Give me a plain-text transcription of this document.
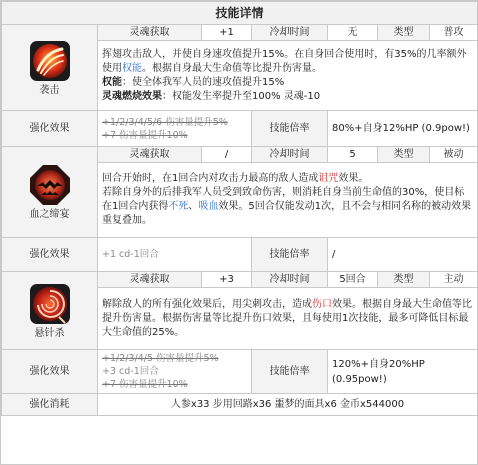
技能详情						

袭击	灵魂获取	+1	冷却时间	无	类型	普攻

	挥翅攻击敌人，并使自身速攻值提升15%。在自身回合使用时，有35%的几率额外使用权能。根据自身最大生命值等比提升伤害量。

权能：使全体我军人员的速攻值提升15%

灵魂燃烧效果：权能发生率提升至100% 灵魂-10					

强化效果	+1/2/3/4/5/6 伤害量提升5%
+7 伤害量提升10%		技能倍率	80%+自身12%HP (0.9pow!)		

血之缔宴	灵魂获取	/	冷却时间	5	类型	被动

	回合开始时，在1回合内对攻击力最高的敌人造成诅咒效果。

若除自身外的后排我军人员受到致命伤害，则消耗自身当前生命值的30%，使目标在1回合内获得不死、吸血效果。5回合仅能发动1次，且不会与相同名称的被动效果重复叠加。					

强化效果	+1 cd-1回合		技能倍率	/		

悬针杀	灵魂获取	+3	冷却时间	5回合	类型	主动

	解除敌人的所有强化效果后，用尖刺攻击，造成伤口效果。根据自身最大生命值等比提升伤害量。根据伤害量等比提升伤口效果，且每使用1次技能，最多可降低目标最大生命值的25%。					

强化效果	+1/2/3/4/5 伤害量提升5%
+3 cd-1回合
+7 伤害量提升10%		技能倍率	120%+自身20%HP (0.95pow!)		
强化消耗	人参x33 步用回路x36 噩梦的面具x6 金币x544000					
